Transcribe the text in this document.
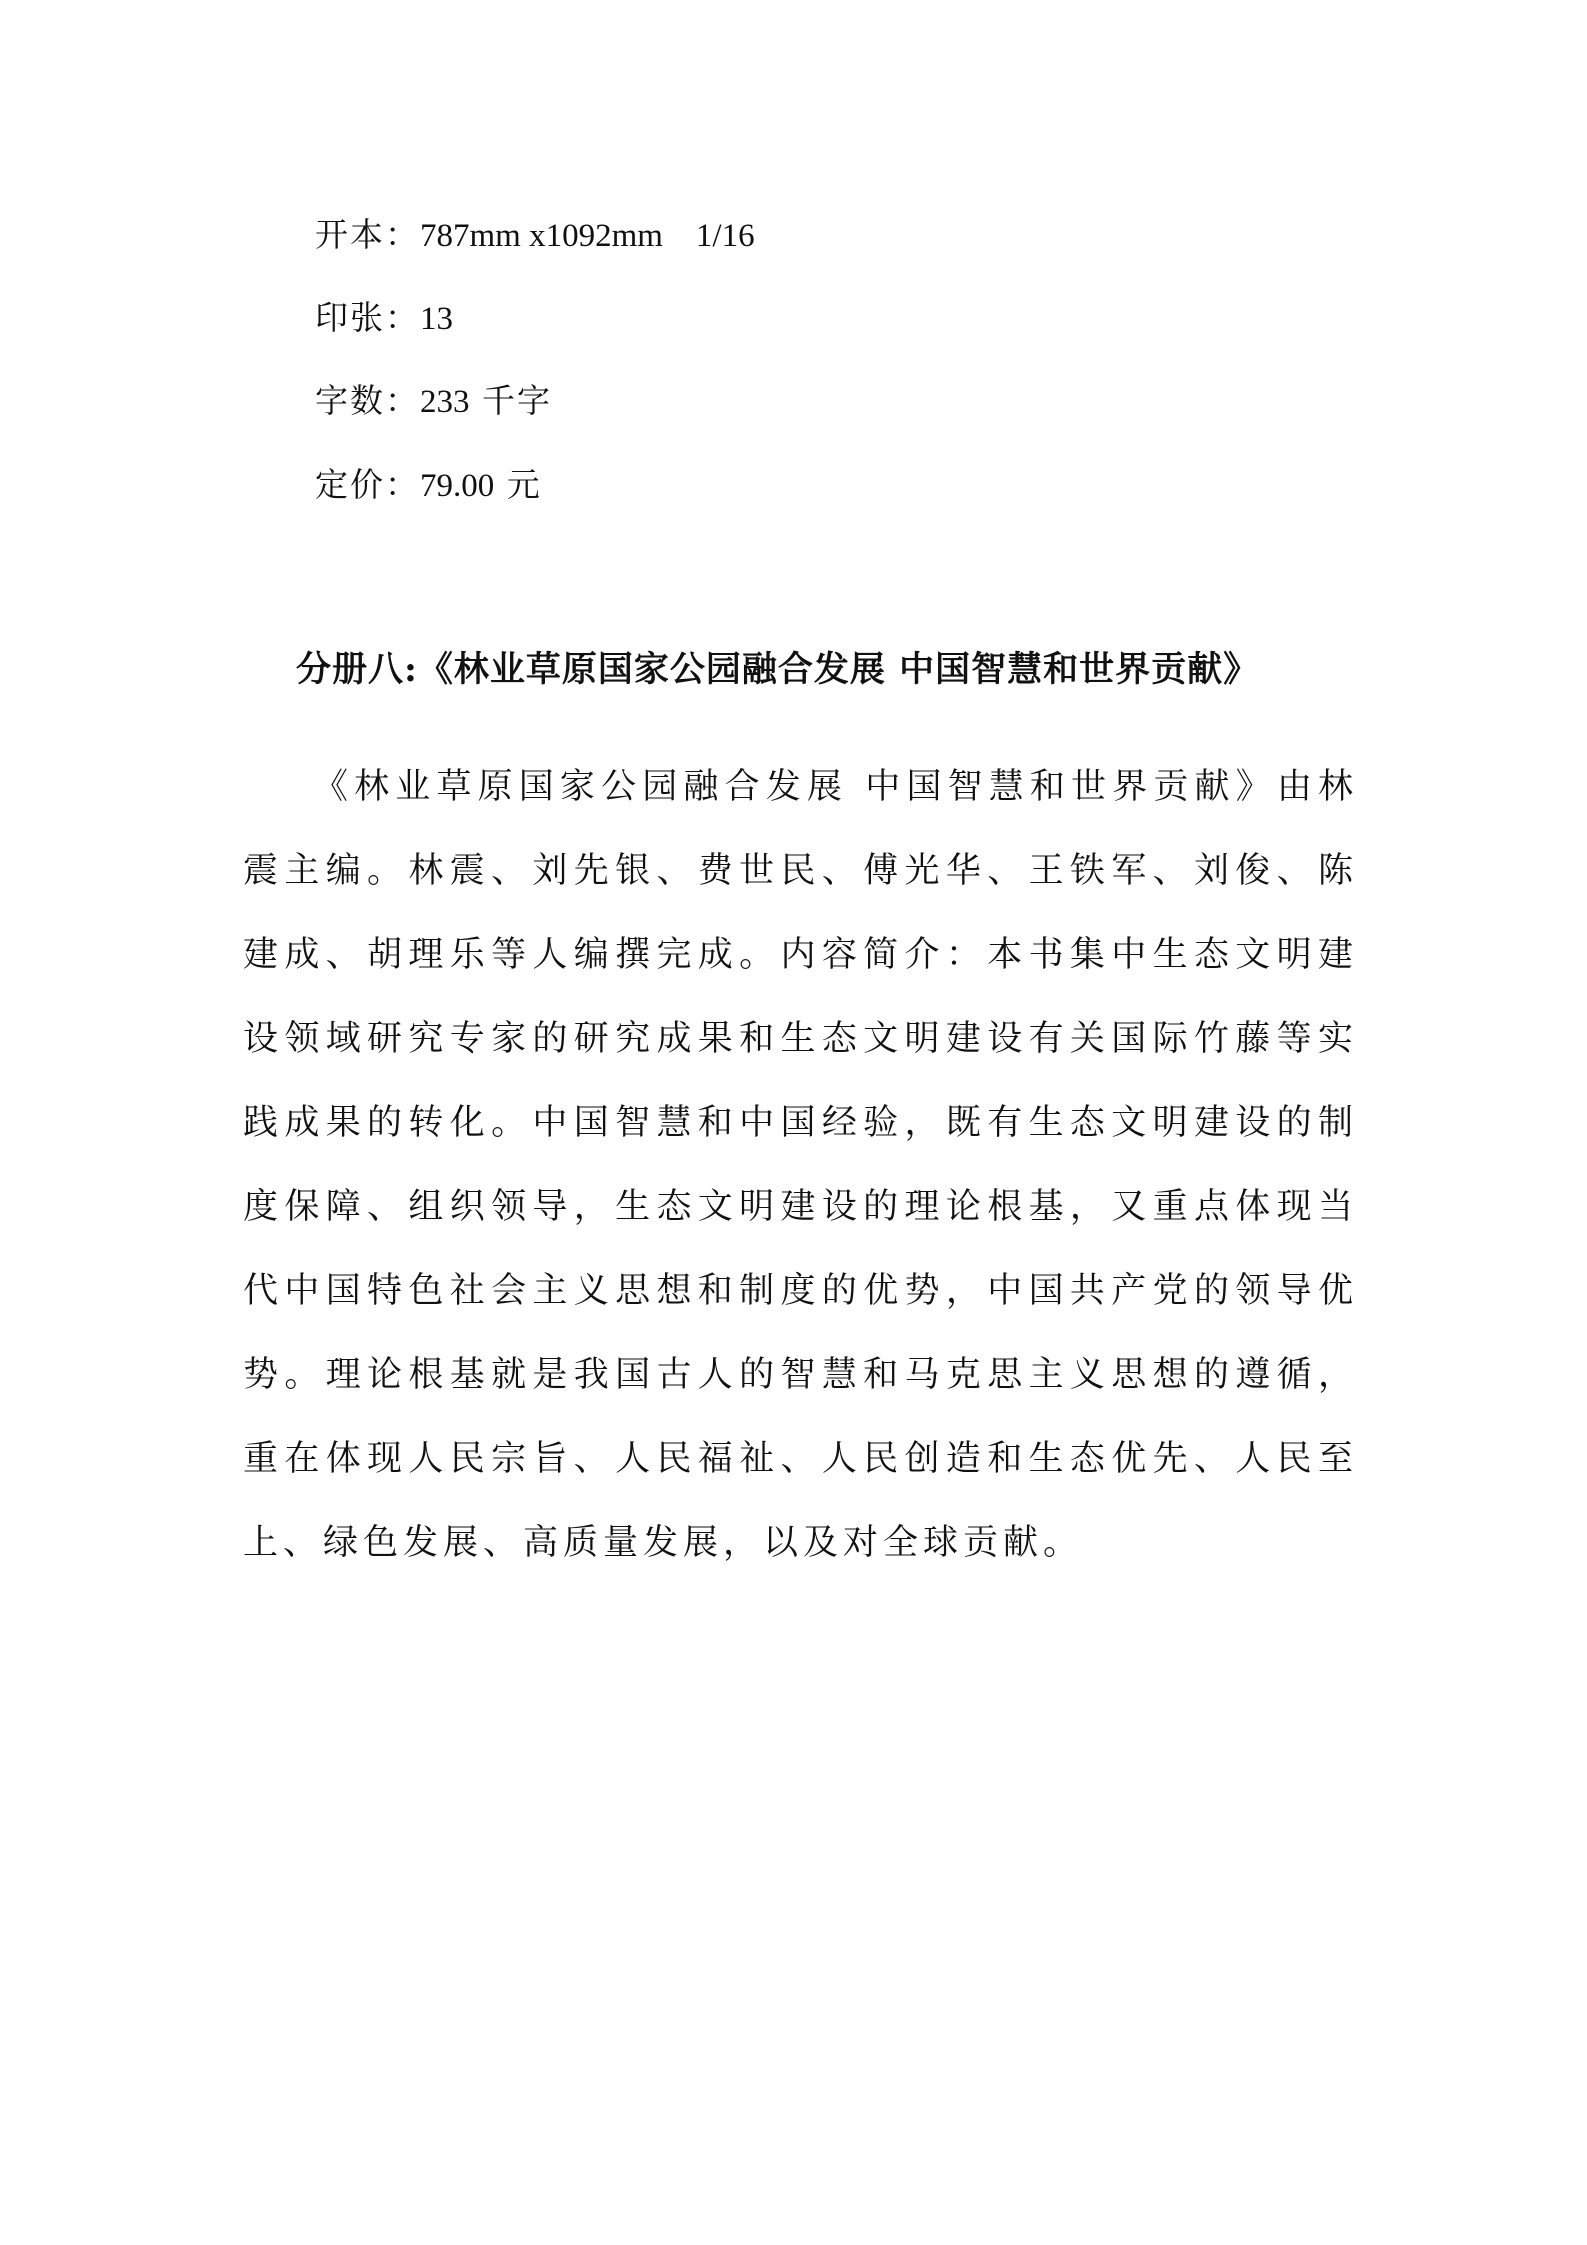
开本：787mm x1092mm    1/16
印张：13
字数：233 千字
定价：79.00 元
分册八:《林业草原国家公园融合发展 中国智慧和世界贡献》

《林业草原国家公园融合发展 中国智慧和世界贡献》由林震主编。林震、刘先银、费世民、傅光华、王铁军、刘俊、陈建成、胡理乐等人编撰完成。内容简介：本书集中生态文明建设领域研究专家的研究成果和生态文明建设有关国际竹藤等实践成果的转化。中国智慧和中国经验，既有生态文明建设的制度保障、组织领导，生态文明建设的理论根基，又重点体现当代中国特色社会主义思想和制度的优势，中国共产党的领导优势。理论根基就是我国古人的智慧和马克思主义思想的遵循，重在体现人民宗旨、人民福祉、人民创造和生态优先、人民至上、绿色发展、高质量发展，以及对全球贡献。
